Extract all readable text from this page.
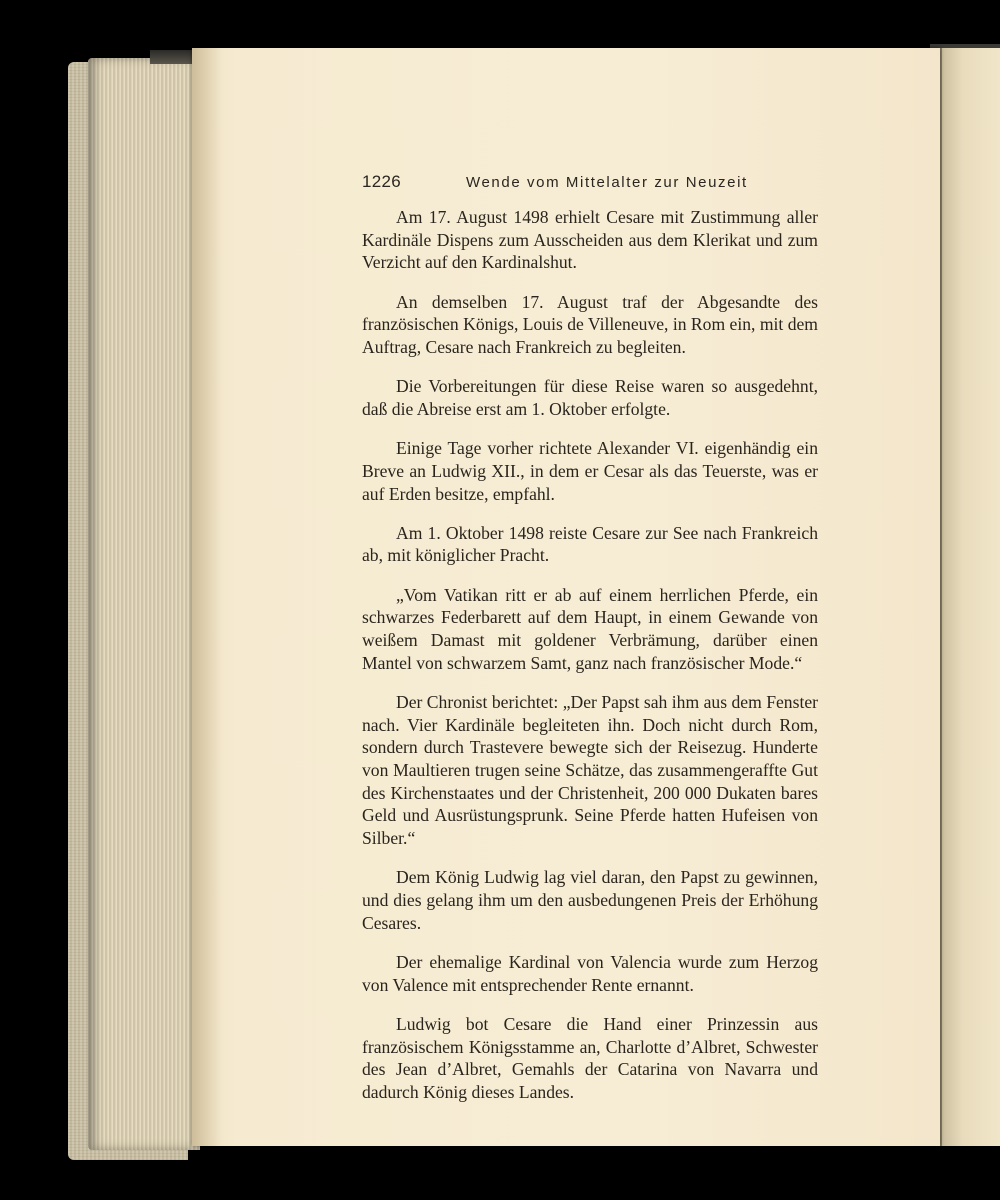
1226	Wende vom Mittelalter zur Neuzeit

Am 17. August 1498 erhielt Cesare mit Zustimmung aller Kardinäle Dispens zum Ausscheiden aus dem Klerikat und zum Verzicht auf den Kardinalshut.

An demselben 17. August traf der Abgesandte des französischen Königs, Louis de Villeneuve, in Rom ein, mit dem Auftrag, Cesare nach Frankreich zu begleiten.

Die Vorbereitungen für diese Reise waren so ausgedehnt, daß die Abreise erst am 1. Oktober erfolgte.

Einige Tage vorher richtete Alexander VI. eigenhändig ein Breve an Ludwig XII., in dem er Cesar als das Teuerste, was er auf Erden besitze, empfahl.

Am 1. Oktober 1498 reiste Cesare zur See nach Frankreich ab, mit königlicher Pracht.

„Vom Vatikan ritt er ab auf einem herrlichen Pferde, ein schwarzes Federbarett auf dem Haupt, in einem Gewande von weißem Damast mit goldener Verbrämung, darüber einen Mantel von schwarzem Samt, ganz nach französischer Mode.“

Der Chronist berichtet: „Der Papst sah ihm aus dem Fenster nach. Vier Kardinäle begleiteten ihn. Doch nicht durch Rom, sondern durch Trastevere bewegte sich der Reisezug. Hunderte von Maultieren trugen seine Schätze, das zusammengeraffte Gut des Kirchenstaates und der Christenheit, 200 000 Dukaten bares Geld und Ausrüstungsprunk. Seine Pferde hatten Hufeisen von Silber.“

Dem König Ludwig lag viel daran, den Papst zu gewinnen, und dies gelang ihm um den ausbedungenen Preis der Erhöhung Cesares.

Der ehemalige Kardinal von Valencia wurde zum Herzog von Valence mit entsprechender Rente ernannt.

Ludwig bot Cesare die Hand einer Prinzessin aus französischem Königsstamme an, Charlotte d’Albret, Schwester des Jean d’Albret, Gemahls der Catarina von Navarra und dadurch König dieses Landes.
